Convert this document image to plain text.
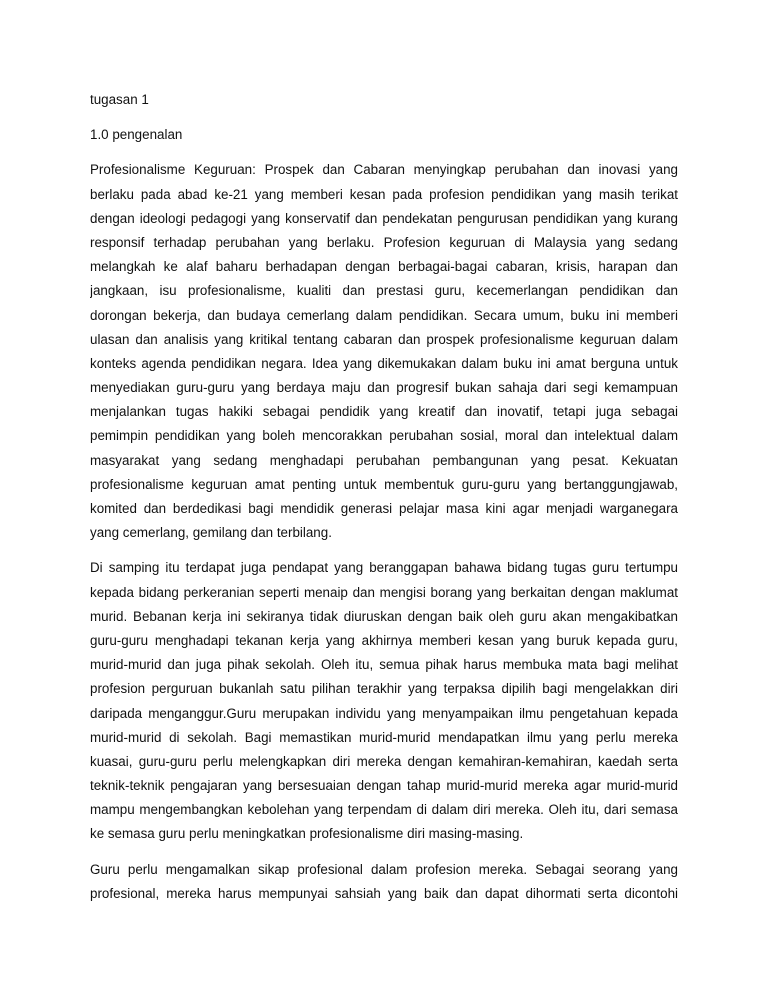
tugasan 1
1.0 pengenalan
Profesionalisme Keguruan: Prospek dan Cabaran menyingkap perubahan dan inovasi yang
berlaku pada abad ke-21 yang memberi kesan pada profesion pendidikan yang masih terikat
dengan ideologi pedagogi yang konservatif dan pendekatan pengurusan pendidikan yang kurang
responsif terhadap perubahan yang berlaku. Profesion keguruan di Malaysia yang sedang
melangkah ke alaf baharu berhadapan dengan berbagai-bagai cabaran, krisis, harapan dan
jangkaan, isu profesionalisme, kualiti dan prestasi guru, kecemerlangan pendidikan dan
dorongan bekerja, dan budaya cemerlang dalam pendidikan. Secara umum, buku ini memberi
ulasan dan analisis yang kritikal tentang cabaran dan prospek profesionalisme keguruan dalam
konteks agenda pendidikan negara. Idea yang dikemukakan dalam buku ini amat berguna untuk
menyediakan guru-guru yang berdaya maju dan progresif bukan sahaja dari segi kemampuan
menjalankan tugas hakiki sebagai pendidik yang kreatif dan inovatif, tetapi juga sebagai
pemimpin pendidikan yang boleh mencorakkan perubahan sosial, moral dan intelektual dalam
masyarakat yang sedang menghadapi perubahan pembangunan yang pesat. Kekuatan
profesionalisme keguruan amat penting untuk membentuk guru-guru yang bertanggungjawab,
komited dan berdedikasi bagi mendidik generasi pelajar masa kini agar menjadi warganegara
yang cemerlang, gemilang dan terbilang.
Di samping itu terdapat juga pendapat yang beranggapan bahawa bidang tugas guru tertumpu
kepada bidang perkeranian seperti menaip dan mengisi borang yang berkaitan dengan maklumat
murid. Bebanan kerja ini sekiranya tidak diuruskan dengan baik oleh guru akan mengakibatkan
guru-guru menghadapi tekanan kerja yang akhirnya memberi kesan yang buruk kepada guru,
murid-murid dan juga pihak sekolah. Oleh itu, semua pihak harus membuka mata bagi melihat
profesion perguruan bukanlah satu pilihan terakhir yang terpaksa dipilih bagi mengelakkan diri
daripada menganggur.Guru merupakan individu yang menyampaikan ilmu pengetahuan kepada
murid-murid di sekolah. Bagi memastikan murid-murid mendapatkan ilmu yang perlu mereka
kuasai, guru-guru perlu melengkapkan diri mereka dengan kemahiran-kemahiran, kaedah serta
teknik-teknik pengajaran yang bersesuaian dengan tahap murid-murid mereka agar murid-murid
mampu mengembangkan kebolehan yang terpendam di dalam diri mereka. Oleh itu, dari semasa
ke semasa guru perlu meningkatkan profesionalisme diri masing-masing.
Guru perlu mengamalkan sikap profesional dalam profesion mereka. Sebagai seorang yang
profesional, mereka harus mempunyai sahsiah yang baik dan dapat dihormati serta dicontohi
